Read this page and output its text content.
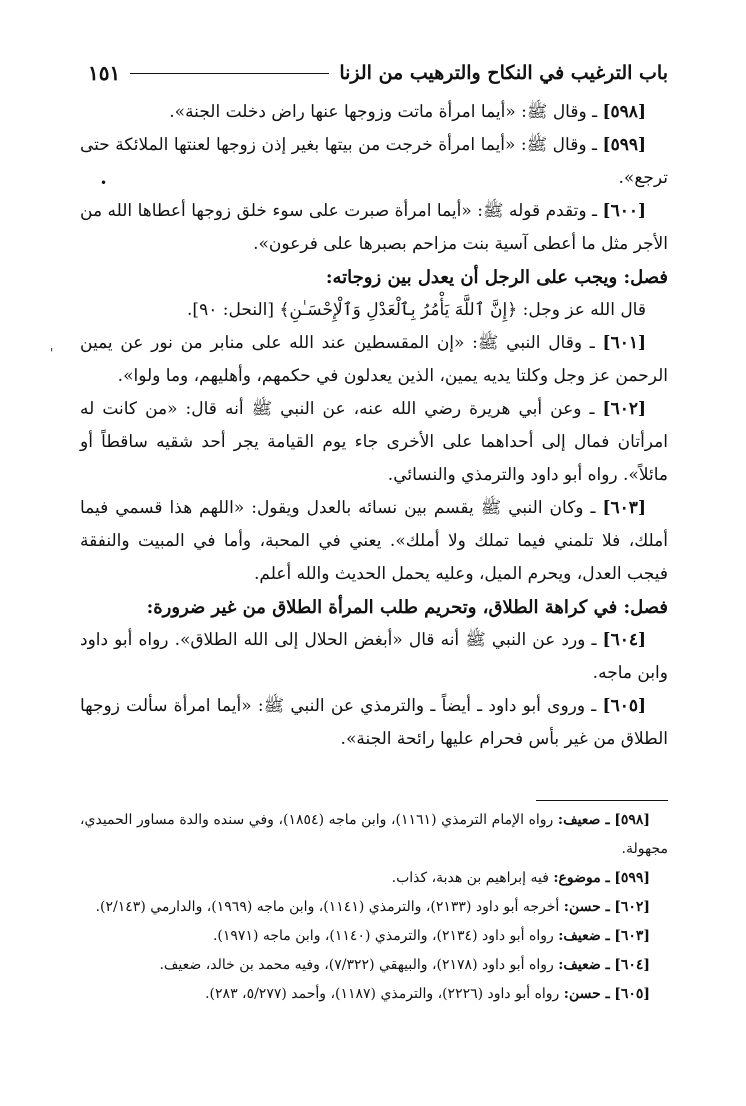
باب الترغيب في النكاح والترهيب من الزنا
١٥١
•
'

[٥٩٨] ـ وقال ﷺ: «أيما امرأة ماتت وزوجها عنها راض دخلت الجنة».

[٥٩٩] ـ وقال ﷺ: «أيما امرأة خرجت من بيتها بغير إذن زوجها لعنتها الملائكة حتى ترجع».

[٦٠٠] ـ وتقدم قوله ﷺ: «أيما امرأة صبرت على سوء خلق زوجها أعطاها الله من الأجر مثل ما أعطى آسية بنت مزاحم بصبرها على فرعون».

فصل: ويجب على الرجل أن يعدل بين زوجاته:

قال الله عز وجل: ﴿إِنَّ ٱللَّهَ يَأْمُرُ بِٱلْعَدْلِ وَٱلْإِحْسَـٰنِ﴾ [النحل: ٩٠].

[٦٠١] ـ وقال النبي ﷺ: «إن المقسطين عند الله على منابر من نور عن يمين الرحمن عز وجل وكلتا يديه يمين، الذين يعدلون في حكمهم، وأهليهم، وما ولوا».

[٦٠٢] ـ وعن أبي هريرة رضي الله عنه، عن النبي ﷺ أنه قال: «من كانت له امرأتان فمال إلى أحداهما على الأخرى جاء يوم القيامة يجر أحد شقيه ساقطاً أو مائلاً». رواه أبو داود والترمذي والنسائي.

[٦٠٣] ـ وكان النبي ﷺ يقسم بين نسائه بالعدل ويقول: «اللهم هذا قسمي فيما أملك، فلا تلمني فيما تملك ولا أملك». يعني في المحبة، وأما في المبيت والنفقة فيجب العدل، ويحرم الميل، وعليه يحمل الحديث والله أعلم.

فصل: في كراهة الطلاق، وتحريم طلب المرأة الطلاق من غير ضرورة:

[٦٠٤] ـ ورد عن النبي ﷺ أنه قال «أبغض الحلال إلى الله الطلاق». رواه أبو داود وابن ماجه.

[٦٠٥] ـ وروى أبو داود ـ أيضاً ـ والترمذي عن النبي ﷺ: «أيما امرأة سألت زوجها الطلاق من غير بأس فحرام عليها رائحة الجنة».

[٥٩٨] ـ صعيف: رواه الإمام الترمذي (١١٦١)، وابن ماجه (١٨٥٤)، وفي سنده والدة مساور الحميدي، مجهولة.

[٥٩٩] ـ موضوع: فيه إبراهيم بن هدبة، كذاب.

[٦٠٢] ـ حسن: أخرجه أبو داود (٢١٣٣)، والترمذي (١١٤١)، وابن ماجه (١٩٦٩)، والدارمي (٢/١٤٣).

[٦٠٣] ـ ضعيف: رواه أبو داود (٢١٣٤)، والترمذي (١١٤٠)، وابن ماجه (١٩٧١).

[٦٠٤] ـ ضعيف: رواه أبو داود (٢١٧٨)، والبيهقي (٧/٣٢٢)، وفيه محمد بن خالد، ضعيف.

[٦٠٥] ـ حسن: رواه أبو داود (٢٢٢٦)، والترمذي (١١٨٧)، وأحمد (٥/٢٧٧، ٢٨٣).
